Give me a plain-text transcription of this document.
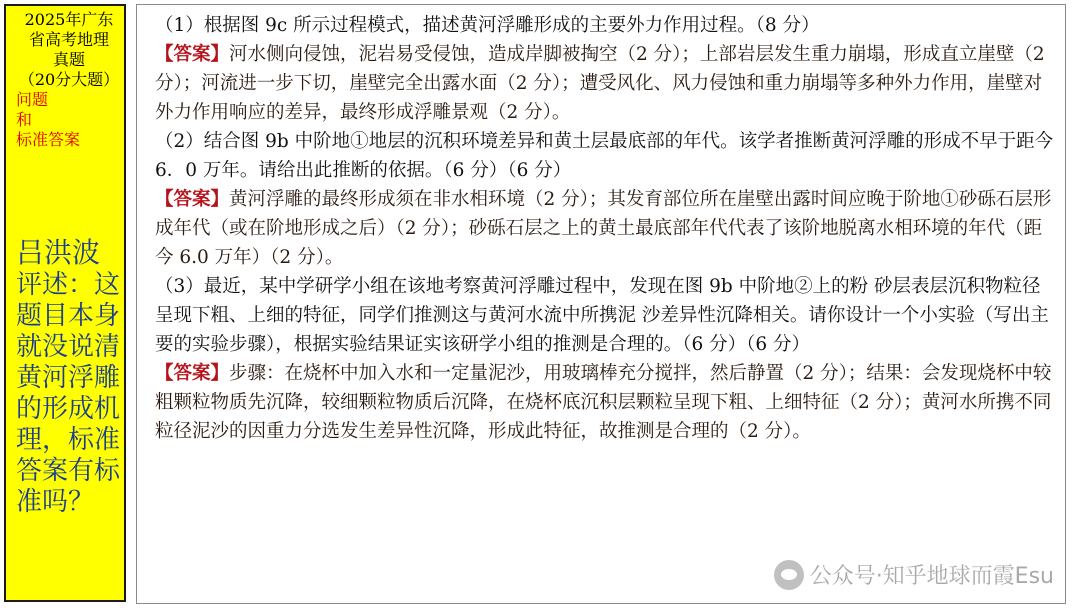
2025年广东
省高考地理
真题
（20分大题）
问题
和
标准答案
吕洪波
评述：这题目本身就没说清黄河浮雕的形成机理，标准答案有标准吗？

（1）根据图 9c 所示过程模式，描述黄河浮雕形成的主要外力作用过程。（8 分）

【答案】河水侧向侵蚀，泥岩易受侵蚀，造成岸脚被掏空（2 分）；上部岩层发生重力崩塌，形成直立崖壁（2 分）；河流进一步下切，崖壁完全出露水面（2 分）；遭受风化、风力侵蚀和重力崩塌等多种外力作用，崖壁对外力作用响应的差异，最终形成浮雕景观（2 分）。

（2）结合图 9b 中阶地①地层的沉积环境差异和黄土层最底部的年代。该学者推断黄河浮雕的形成不早于距今 6．0 万年。请给出此推断的依据。（6 分）（6 分）

【答案】黄河浮雕的最终形成须在非水相环境（2 分）；其发育部位所在崖壁出露时间应晚于阶地①砂砾石层形成年代（或在阶地形成之后）（2 分）；砂砾石层之上的黄土最底部年代代表了该阶地脱离水相环境的年代（距今 6.0 万年）（2 分）。

（3）最近，某中学研学小组在该地考察黄河浮雕过程中，发现在图 9b 中阶地②上的粉 砂层表层沉积物粒径呈现下粗、上细的特征，同学们推测这与黄河水流中所携泥 沙差异性沉降相关。请你设计一个小实验（写出主要的实验步骤），根据实验结果证实该研学小组的推测是合理的。（6 分）（6 分）

【答案】步骤：在烧杯中加入水和一定量泥沙，用玻璃棒充分搅拌，然后静置（2 分）；结果：会发现烧杯中较粗颗粒物质先沉降，较细颗粒物质后沉降，在烧杯底沉积层颗粒呈现下粗、上细特征（2 分）；黄河水所携不同粒径泥沙的因重力分选发生差异性沉降，形成此特征，故推测是合理的（2 分）。

公众号·知乎地球而霞Esu
